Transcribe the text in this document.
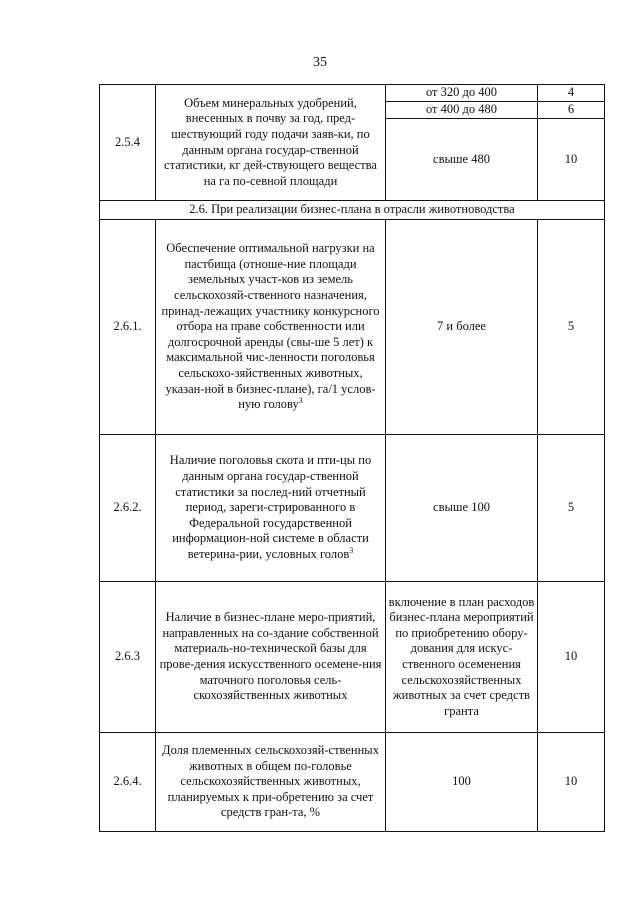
35
2.5.4	Объем минеральных удобрений, внесенных в почву за год, пред-шествующий году подачи заяв-ки, по данным органа государ-ственной статистики, кг дей-ствующего вещества на га по-севной площади	от 320 до 400	4
		от 400 до 480	6
		свыше 480	10
2.6. При реализации бизнес-плана в отрасли животноводства			
2.6.1.	Обеспечение оптимальной нагрузки на пастбища (отноше-ние площади земельных участ-ков из земель сельскохозяй-ственного назначения, принад-лежащих участнику конкурсного отбора на праве собственности или долгосрочной аренды (свы-ше 5 лет) к максимальной чис-ленности поголовья сельскохо-зяйственных животных, указан-ной в бизнес-плане), га/1 услов-ную голову$^3$	7 и более	5
2.6.2.	Наличие поголовья скота и пти-цы по данным органа государ-ственной статистики за послед-ний отчетный период, зареги-стрированного в Федеральной государственной информацион-ной системе в области ветерина-рии, условных голов$^3$	свыше 100	5
2.6.3	Наличие в бизнес-плане меро-приятий, направленных на со-здание собственной материаль-но-технической базы для прове-дения искусственного осемене-ния маточного поголовья сель-скохозяйственных животных	включение в план расходов бизнес-плана мероприятий по приобретению обору-дования для искус-ственного осеменения сельскохозяйственных животных за счет средств гранта	10
2.6.4.	Доля племенных сельскохозяй-ственных животных в общем по-головье сельскохозяйственных животных, планируемых к при-обретению за счет средств гран-та, %	100	10
